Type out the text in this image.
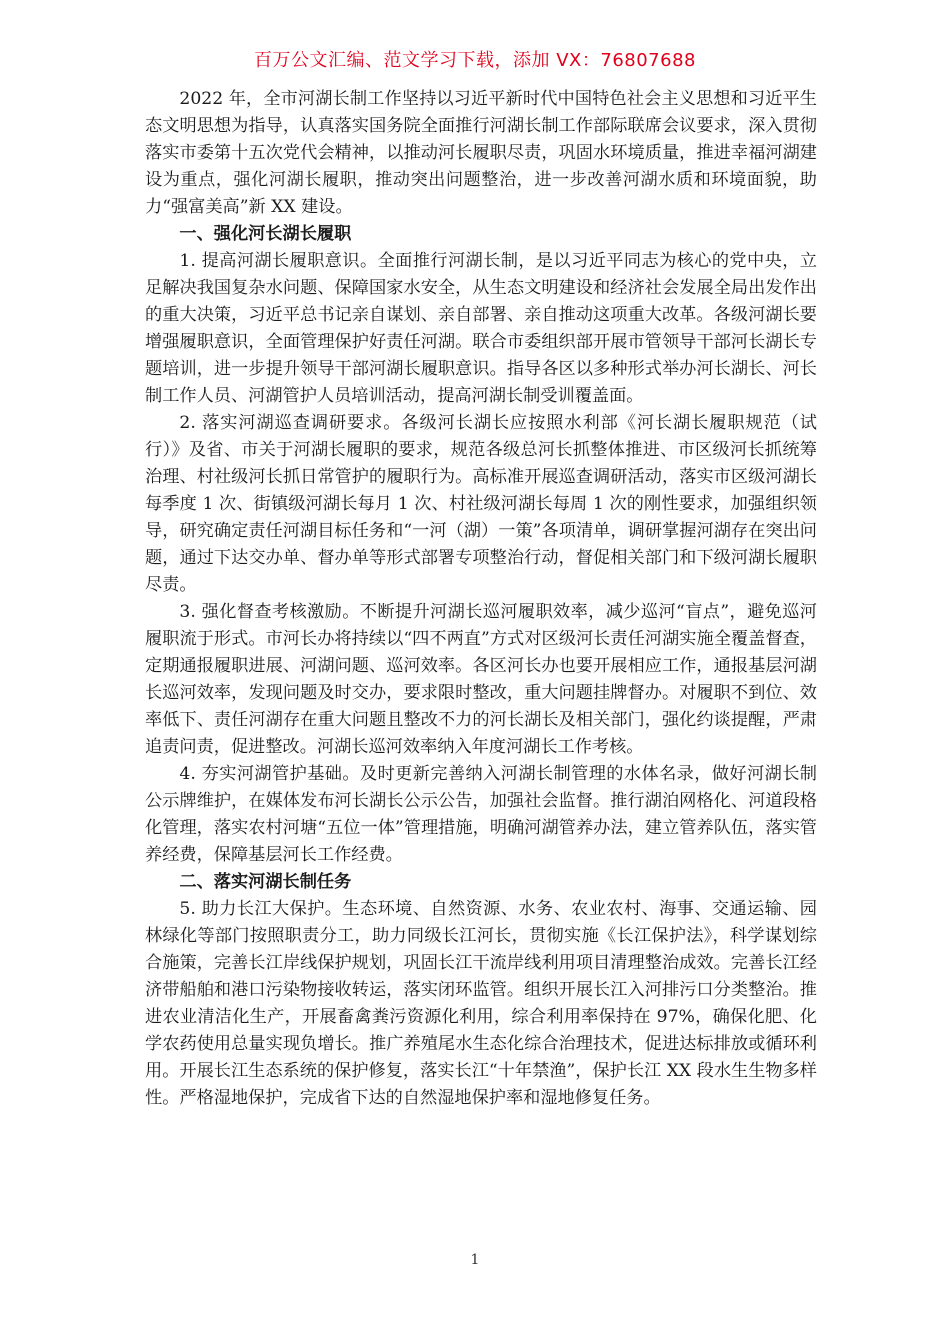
百万公文汇编、范文学习下载，添加 VX：76807688

2022 年，全市河湖长制工作坚持以习近平新时代中国特色社会主义思想和习近平生态文明思想为指导，认真落实国务院全面推行河湖长制工作部际联席会议要求，深入贯彻落实市委第十五次党代会精神，以推动河长履职尽责，巩固水环境质量，推进幸福河湖建设为重点，强化河湖长履职，推动突出问题整治，进一步改善河湖水质和环境面貌，助力“强富美高”新 XX 建设。

一、强化河长湖长履职

1. 提高河湖长履职意识。全面推行河湖长制，是以习近平同志为核心的党中央，立足解决我国复杂水问题、保障国家水安全，从生态文明建设和经济社会发展全局出发作出的重大决策，习近平总书记亲自谋划、亲自部署、亲自推动这项重大改革。各级河湖长要增强履职意识，全面管理保护好责任河湖。联合市委组织部开展市管领导干部河长湖长专题培训，进一步提升领导干部河湖长履职意识。指导各区以多种形式举办河长湖长、河长制工作人员、河湖管护人员培训活动，提高河湖长制受训覆盖面。

2. 落实河湖巡查调研要求。各级河长湖长应按照水利部《河长湖长履职规范（试行）》及省、市关于河湖长履职的要求，规范各级总河长抓整体推进、市区级河长抓统筹治理、村社级河长抓日常管护的履职行为。高标准开展巡查调研活动，落实市区级河湖长每季度 1 次、街镇级河湖长每月 1 次、村社级河湖长每周 1 次的刚性要求，加强组织领导，研究确定责任河湖目标任务和“一河（湖）一策”各项清单，调研掌握河湖存在突出问题，通过下达交办单、督办单等形式部署专项整治行动，督促相关部门和下级河湖长履职尽责。

3. 强化督查考核激励。不断提升河湖长巡河履职效率，减少巡河“盲点”，避免巡河履职流于形式。市河长办将持续以“四不两直”方式对区级河长责任河湖实施全覆盖督查，定期通报履职进展、河湖问题、巡河效率。各区河长办也要开展相应工作，通报基层河湖长巡河效率，发现问题及时交办，要求限时整改，重大问题挂牌督办。对履职不到位、效率低下、责任河湖存在重大问题且整改不力的河长湖长及相关部门，强化约谈提醒，严肃追责问责，促进整改。河湖长巡河效率纳入年度河湖长工作考核。

4. 夯实河湖管护基础。及时更新完善纳入河湖长制管理的水体名录，做好河湖长制公示牌维护，在媒体发布河长湖长公示公告，加强社会监督。推行湖泊网格化、河道段格化管理，落实农村河塘“五位一体”管理措施，明确河湖管养办法，建立管养队伍，落实管养经费，保障基层河长工作经费。

二、落实河湖长制任务

5. 助力长江大保护。生态环境、自然资源、水务、农业农村、海事、交通运输、园林绿化等部门按照职责分工，助力同级长江河长，贯彻实施《长江保护法》，科学谋划综合施策，完善长江岸线保护规划，巩固长江干流岸线利用项目清理整治成效。完善长江经济带船舶和港口污染物接收转运，落实闭环监管。组织开展长江入河排污口分类整治。推进农业清洁化生产，开展畜禽粪污资源化利用，综合利用率保持在 97%，确保化肥、化学农药使用总量实现负增长。推广养殖尾水生态化综合治理技术，促进达标排放或循环利用。开展长江生态系统的保护修复，落实长江“十年禁渔”，保护长江 XX 段水生生物多样性。严格湿地保护，完成省下达的自然湿地保护率和湿地修复任务。

1
